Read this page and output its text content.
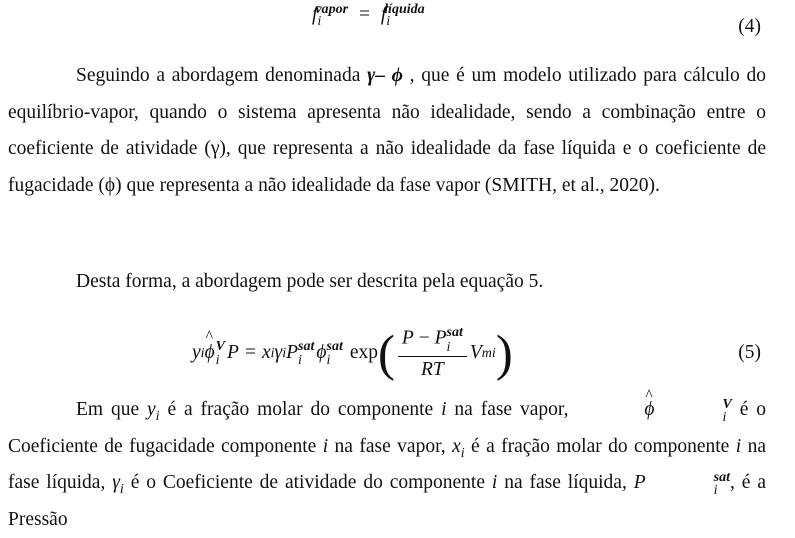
$f_i^{vapor} = f_i^{líquida}$
(4)

Seguindo a abordagem denominada γ– ϕ , que é um modelo utilizado para cálculo do equilíbrio-vapor, quando o sistema apresenta não idealidade, sendo a combinação entre o coeficiente de atividade (γ), que representa a não idealidade da fase líquida e o coeficiente de fugacidade (ϕ) que representa a não idealidade da fase vapor (SMITH, et al., 2020).

Desta forma, a abordagem pode ser descrita pela equação 5.

y i ^ ϕ V
i P = x i γ i P sat
i ϕ sat
i exp ( P − P sat
i
RT V mi )	(5)

Em que $y_i$ é a fração molar do componente i na fase vapor,	^ ϕ	V
i é o Coeficiente de fugacidade componente i na fase vapor, $x_i$ é a fração molar do componente i na fase líquida, $\gamma_i$ é o Coeficiente de atividade do componente i na fase líquida, P	sat
i , é a Pressão
